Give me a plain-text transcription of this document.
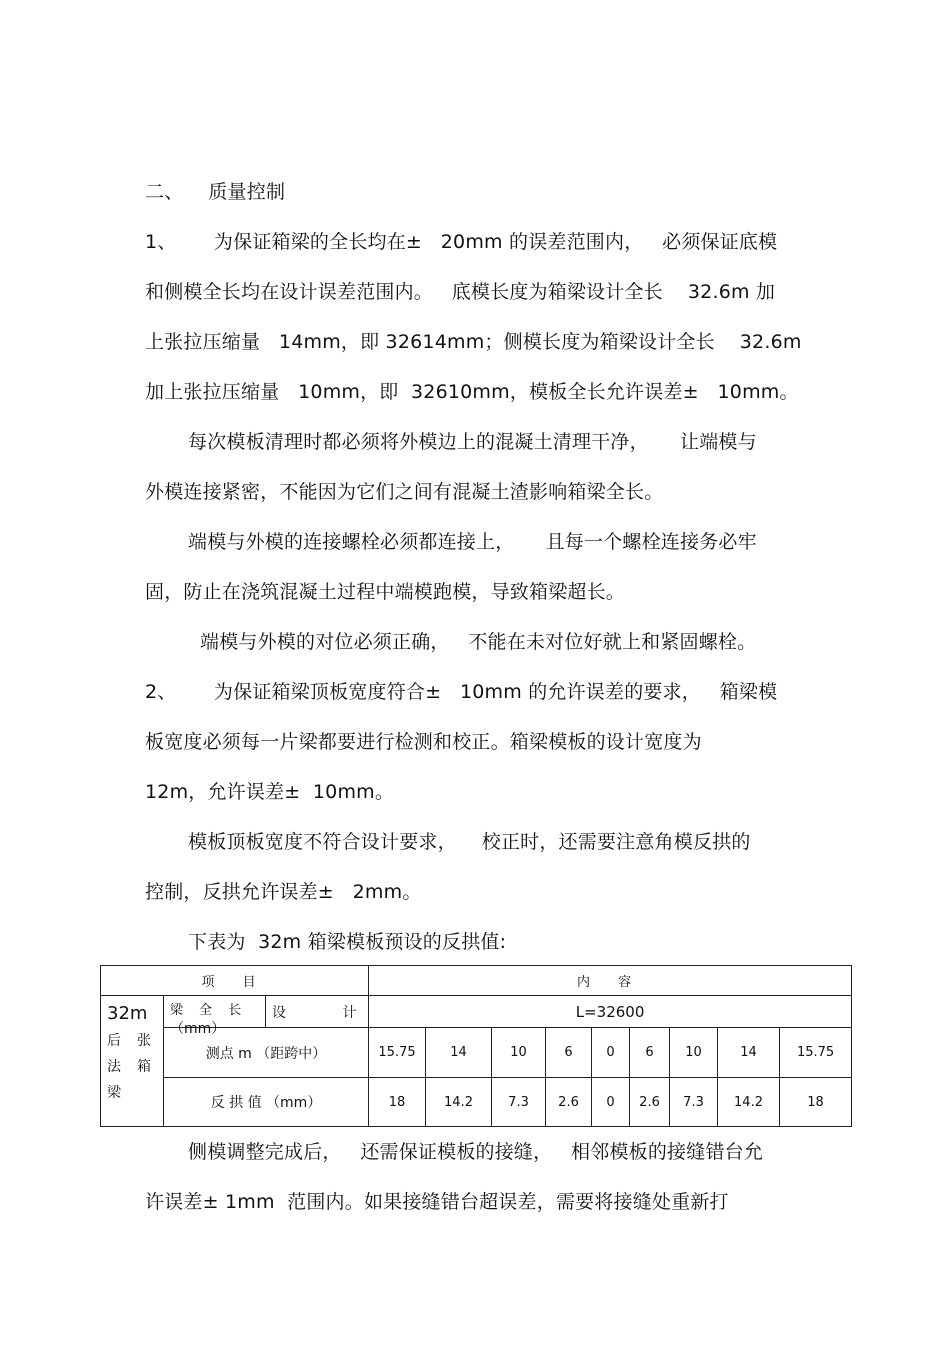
二、    质量控制
1、      为保证箱梁的全长均在±   20mm 的误差范围内，   必须保证底模
和侧模全长均在设计误差范围内。   底模长度为箱梁设计全长    32.6m 加
上张拉压缩量   14mm，即 32614mm；侧模长度为箱梁设计全长    32.6m
加上张拉压缩量   10mm，即  32610mm，模板全长允许误差±   10mm。
每次模板清理时都必须将外模边上的混凝土清理干净，     让端模与
外模连接紧密，不能因为它们之间有混凝土渣影响箱梁全长。
端模与外模的连接螺栓必须都连接上，     且每一个螺栓连接务必牢
固，防止在浇筑混凝土过程中端模跑模，导致箱梁超长。
端模与外模的对位必须正确，   不能在未对位好就上和紧固螺栓。
2、      为保证箱梁顶板宽度符合±   10mm 的允许误差的要求，   箱梁模
板宽度必须每一片梁都要进行检测和校正。箱梁模板的设计宽度为
12m，允许误差±  10mm。
模板顶板宽度不符合设计要求，    校正时，还需要注意角模反拱的
控制，反拱允许误差±   2mm。
下表为  32m 箱梁模板预设的反拱值:
侧模调整完成后，   还需保证模板的接缝，   相邻模板的接缝错台允
许误差± 1mm  范围内。如果接缝错台超误差，需要将接缝处重新打
项 目			内 容								

32m
后张
法箱
梁	梁 全 长
（mm）	设 计	L=32600								
	测点 m （距跨中）		15.75	14	10	6	0	6	10	14	15.75
	反 拱 值 （mm）		18	14.2	7.3	2.6	0	2.6	7.3	14.2	18
